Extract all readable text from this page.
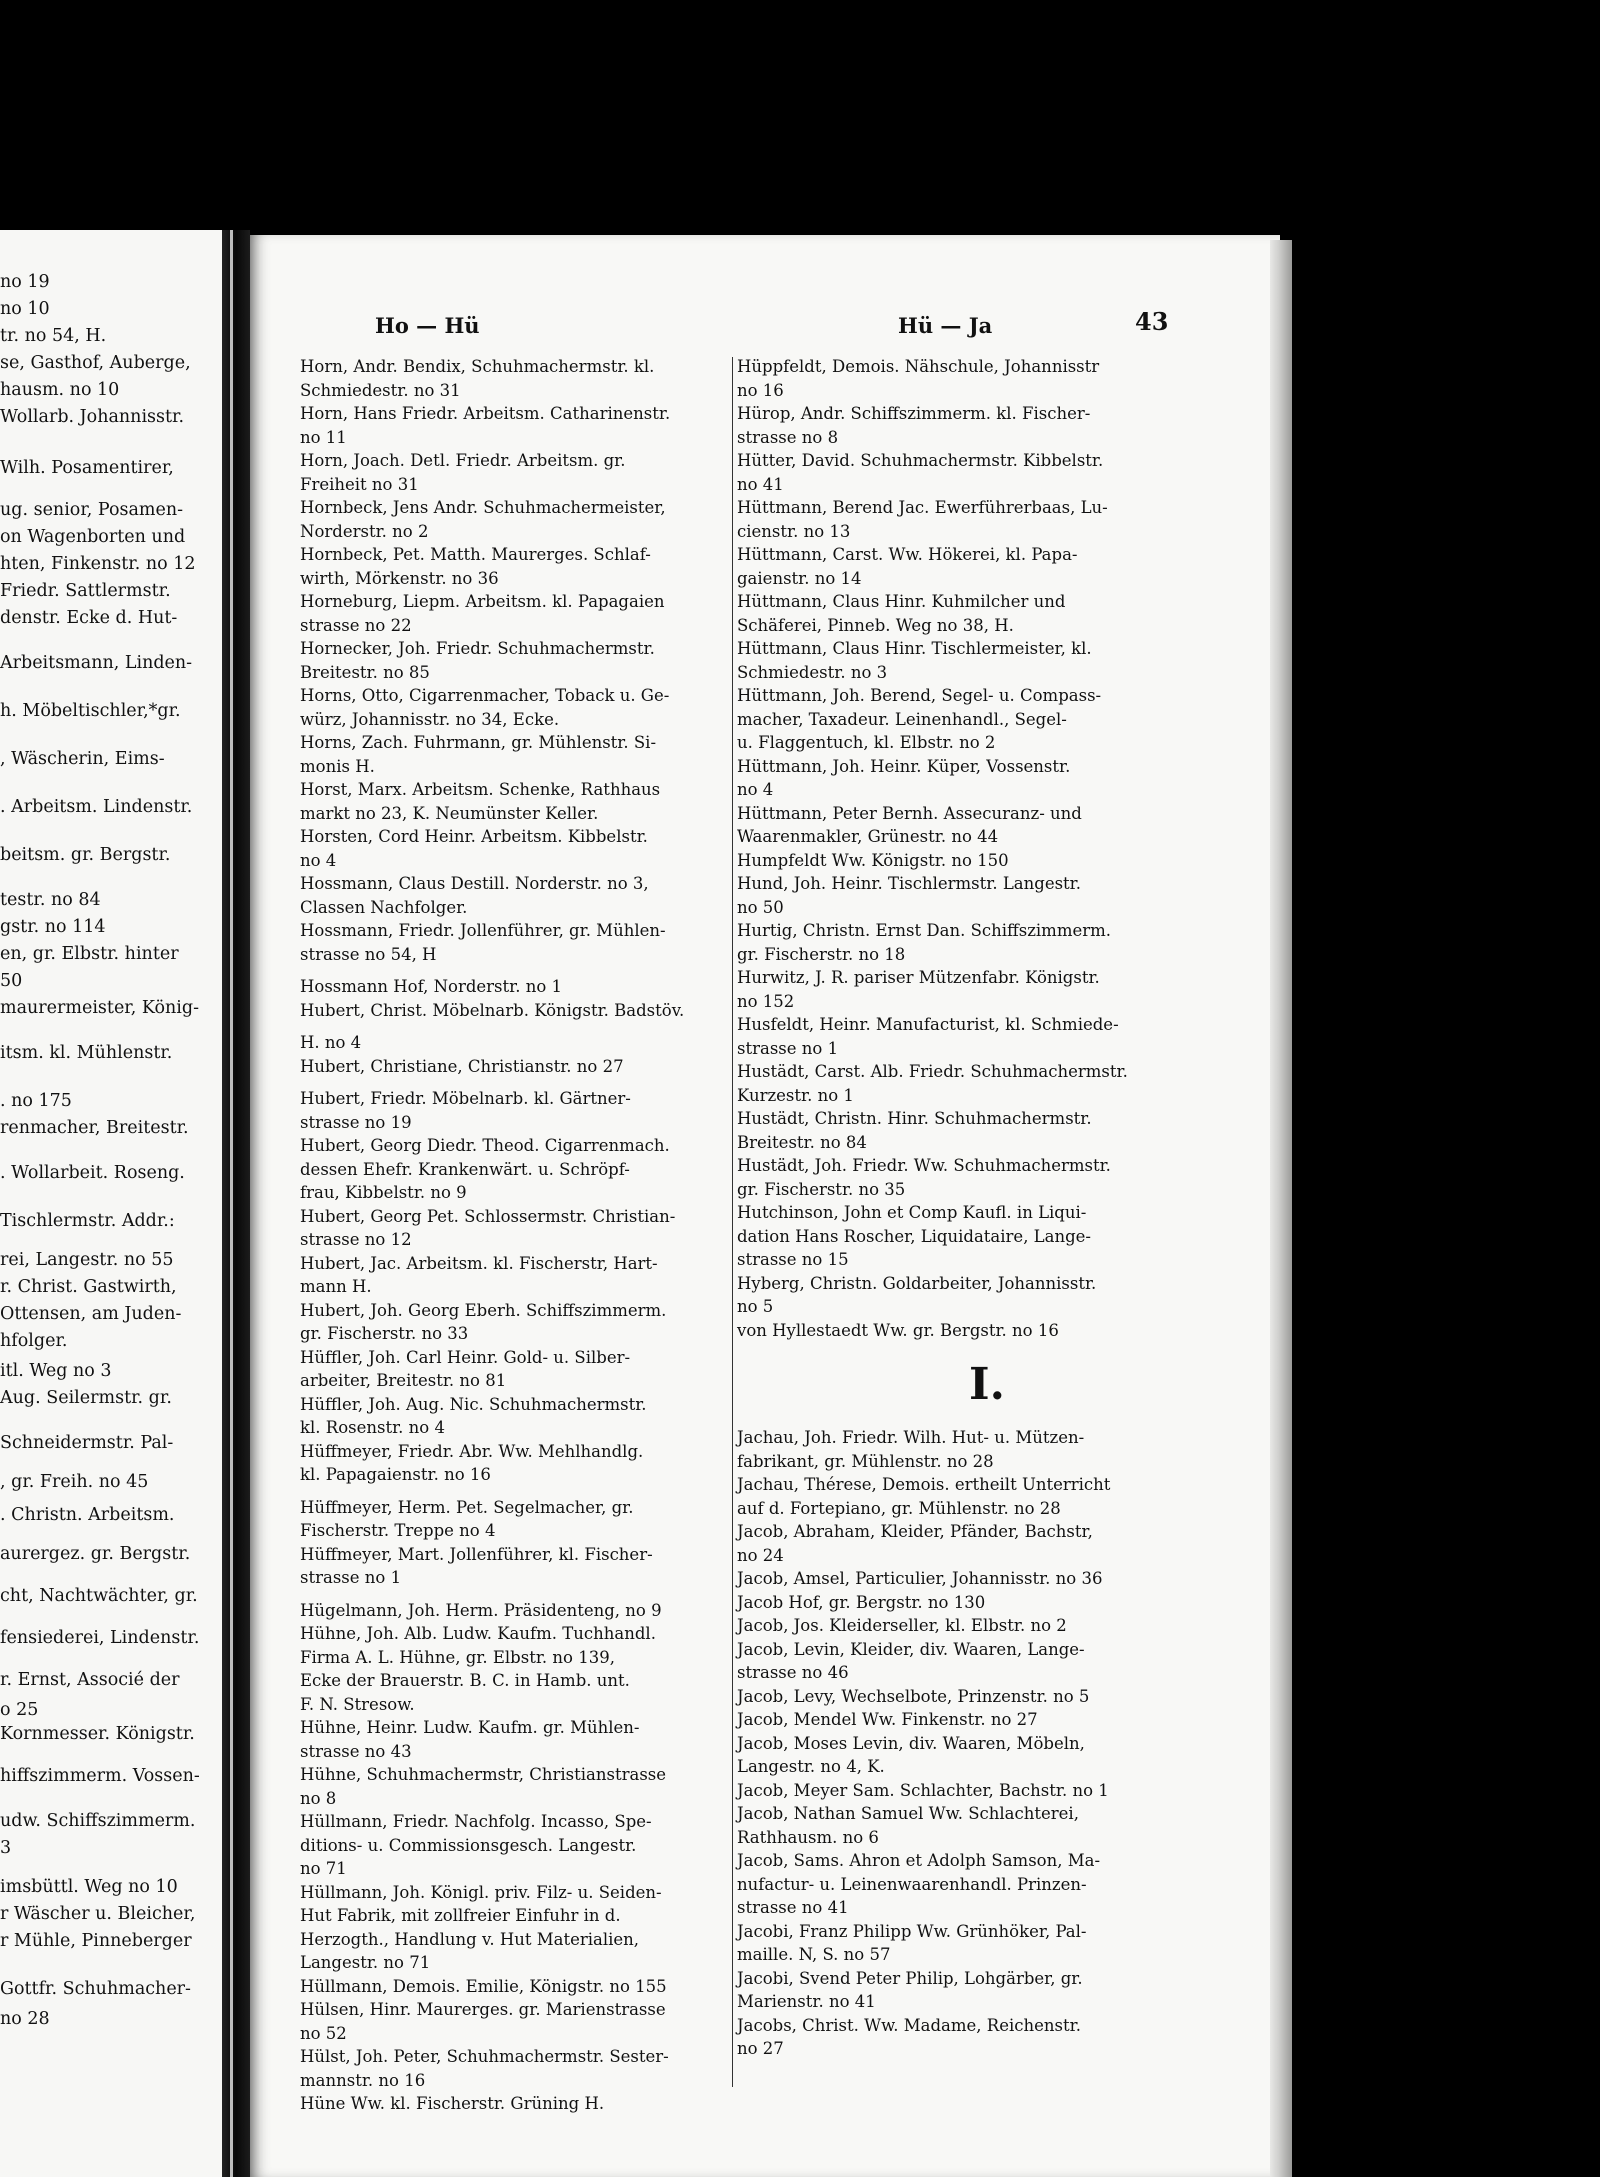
no 19
no 10
tr. no 54, H.
se, Gasthof, Auberge,
hausm. no 10
Wollarb. Johannisstr.
Wilh. Posamentirer,
ug. senior, Posamen-
on Wagenborten und
hten, Finkenstr. no 12
Friedr. Sattlermstr.
denstr. Ecke d. Hut-
Arbeitsmann, Linden-
h. Möbeltischler,*gr.
, Wäscherin, Eims-
. Arbeitsm. Lindenstr.
beitsm. gr. Bergstr.
testr. no 84
gstr. no 114
en, gr. Elbstr. hinter
50
maurermeister, König-
itsm. kl. Mühlenstr.
. no 175
renmacher, Breitestr.
. Wollarbeit. Roseng.
Tischlermstr. Addr.:
rei, Langestr. no 55
r. Christ. Gastwirth,
Ottensen, am Juden-
hfolger.
itl. Weg no 3
Aug. Seilermstr. gr.
Schneidermstr. Pal-
, gr. Freih. no 45
. Christn. Arbeitsm.
aurergez. gr. Bergstr.
cht, Nachtwächter, gr.
fensiederei, Lindenstr.
r. Ernst, Associé der
o 25
Kornmesser. Königstr.
hiffszimmerm. Vossen-
udw. Schiffszimmerm.
3
imsbüttl. Weg no 10
r Wäscher u. Bleicher,
r Mühle, Pinneberger
Gottfr. Schuhmacher-
no 28
Ho — Hü	Hü — Ja	43
Horn, Andr. Bendix, Schuhmachermstr. kl.
Schmiedestr. no 31
Horn, Hans Friedr. Arbeitsm. Catharinenstr.
no 11
Horn, Joach. Detl. Friedr. Arbeitsm. gr.
Freiheit no 31
Hornbeck, Jens Andr. Schuhmachermeister,
Norderstr. no 2
Hornbeck, Pet. Matth. Maurerges. Schlaf-
wirth, Mörkenstr. no 36
Horneburg, Liepm. Arbeitsm. kl. Papagaien
strasse no 22
Hornecker, Joh. Friedr. Schuhmachermstr.
Breitestr. no 85
Horns, Otto, Cigarrenmacher, Toback u. Ge-
würz, Johannisstr. no 34, Ecke.
Horns, Zach. Fuhrmann, gr. Mühlenstr. Si-
monis H.
Horst, Marx. Arbeitsm. Schenke, Rathhaus
markt no 23, K. Neumünster Keller.
Horsten, Cord Heinr. Arbeitsm. Kibbelstr.
no 4
Hossmann, Claus Destill. Norderstr. no 3,
Classen Nachfolger.
Hossmann, Friedr. Jollenführer, gr. Mühlen-
strasse no 54, H
Hossmann Hof, Norderstr. no 1
Hubert, Christ. Möbelnarb. Königstr. Badstöv.
H. no 4
Hubert, Christiane, Christianstr. no 27
Hubert, Friedr. Möbelnarb. kl. Gärtner-
strasse no 19
Hubert, Georg Diedr. Theod. Cigarrenmach.
dessen Ehefr. Krankenwärt. u. Schröpf-
frau, Kibbelstr. no 9
Hubert, Georg Pet. Schlossermstr. Christian-
strasse no 12
Hubert, Jac. Arbeitsm. kl. Fischerstr, Hart-
mann H.
Hubert, Joh. Georg Eberh. Schiffszimmerm.
gr. Fischerstr. no 33
Hüffler, Joh. Carl Heinr. Gold- u. Silber-
arbeiter, Breitestr. no 81
Hüffler, Joh. Aug. Nic. Schuhmachermstr.
kl. Rosenstr. no 4
Hüffmeyer, Friedr. Abr. Ww. Mehlhandlg.
kl. Papagaienstr. no 16
Hüffmeyer, Herm. Pet. Segelmacher, gr.
Fischerstr. Treppe no 4
Hüffmeyer, Mart. Jollenführer, kl. Fischer-
strasse no 1
Hügelmann, Joh. Herm. Präsidenteng, no 9
Hühne, Joh. Alb. Ludw. Kaufm. Tuchhandl.
Firma A. L. Hühne, gr. Elbstr. no 139,
Ecke der Brauerstr. B. C. in Hamb. unt.
F. N. Stresow.
Hühne, Heinr. Ludw. Kaufm. gr. Mühlen-
strasse no 43
Hühne, Schuhmachermstr, Christianstrasse
no 8
Hüllmann, Friedr. Nachfolg. Incasso, Spe-
ditions- u. Commissionsgesch. Langestr.
no 71
Hüllmann, Joh. Königl. priv. Filz- u. Seiden-
Hut Fabrik, mit zollfreier Einfuhr in d.
Herzogth., Handlung v. Hut Materialien,
Langestr. no 71
Hüllmann, Demois. Emilie, Königstr. no 155
Hülsen, Hinr. Maurerges. gr. Marienstrasse
no 52
Hülst, Joh. Peter, Schuhmachermstr. Sester-
mannstr. no 16
Hüne Ww. kl. Fischerstr. Grüning H.
Hüppfeldt, Demois. Nähschule, Johannisstr
no 16
Hürop, Andr. Schiffszimmerm. kl. Fischer-
strasse no 8
Hütter, David. Schuhmachermstr. Kibbelstr.
no 41
Hüttmann, Berend Jac. Ewerführerbaas, Lu-
cienstr. no 13
Hüttmann, Carst. Ww. Hökerei, kl. Papa-
gaienstr. no 14
Hüttmann, Claus Hinr. Kuhmilcher und
Schäferei, Pinneb. Weg no 38, H.
Hüttmann, Claus Hinr. Tischlermeister, kl.
Schmiedestr. no 3
Hüttmann, Joh. Berend, Segel- u. Compass-
macher, Taxadeur. Leinenhandl., Segel-
u. Flaggentuch, kl. Elbstr. no 2
Hüttmann, Joh. Heinr. Küper, Vossenstr.
no 4
Hüttmann, Peter Bernh. Assecuranz- und
Waarenmakler, Grünestr. no 44
Humpfeldt Ww. Königstr. no 150
Hund, Joh. Heinr. Tischlermstr. Langestr.
no 50
Hurtig, Christn. Ernst Dan. Schiffszimmerm.
gr. Fischerstr. no 18
Hurwitz, J. R. pariser Mützenfabr. Königstr.
no 152
Husfeldt, Heinr. Manufacturist, kl. Schmiede-
strasse no 1
Hustädt, Carst. Alb. Friedr. Schuhmachermstr.
Kurzestr. no 1
Hustädt, Christn. Hinr. Schuhmachermstr.
Breitestr. no 84
Hustädt, Joh. Friedr. Ww. Schuhmachermstr.
gr. Fischerstr. no 35
Hutchinson, John et Comp Kaufl. in Liqui-
dation Hans Roscher, Liquidataire, Lange-
strasse no 15
Hyberg, Christn. Goldarbeiter, Johannisstr.
no 5
von Hyllestaedt Ww. gr. Bergstr. no 16
I.
Jachau, Joh. Friedr. Wilh. Hut- u. Mützen-
fabrikant, gr. Mühlenstr. no 28
Jachau, Thérese, Demois. ertheilt Unterricht
auf d. Fortepiano, gr. Mühlenstr. no 28
Jacob, Abraham, Kleider, Pfänder, Bachstr,
no 24
Jacob, Amsel, Particulier, Johannisstr. no 36
Jacob Hof, gr. Bergstr. no 130
Jacob, Jos. Kleiderseller, kl. Elbstr. no 2
Jacob, Levin, Kleider, div. Waaren, Lange-
strasse no 46
Jacob, Levy, Wechselbote, Prinzenstr. no 5
Jacob, Mendel Ww. Finkenstr. no 27
Jacob, Moses Levin, div. Waaren, Möbeln,
Langestr. no 4, K.
Jacob, Meyer Sam. Schlachter, Bachstr. no 1
Jacob, Nathan Samuel Ww. Schlachterei,
Rathhausm. no 6
Jacob, Sams. Ahron et Adolph Samson, Ma-
nufactur- u. Leinenwaarenhandl. Prinzen-
strasse no 41
Jacobi, Franz Philipp Ww. Grünhöker, Pal-
maille. N, S. no 57
Jacobi, Svend Peter Philip, Lohgärber, gr.
Marienstr. no 41
Jacobs, Christ. Ww. Madame, Reichenstr.
no 27
